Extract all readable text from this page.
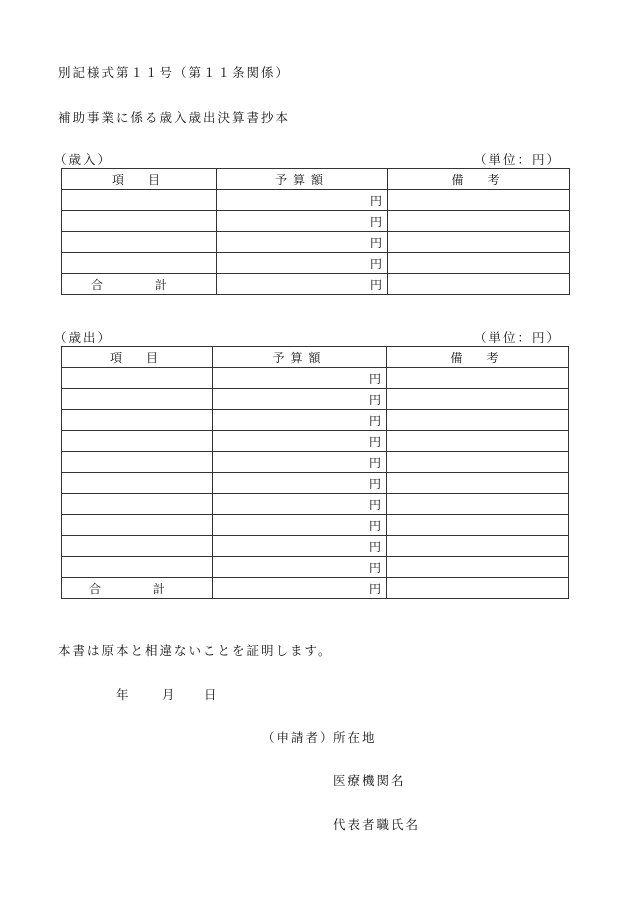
別記様式第１１号（第１１条関係）
補助事業に係る歳入歳出決算書抄本
（歳入）	（単位：円）
項　目	予算額	備　考
	円	
	円	
	円	
	円	
合　計	円	
（歳出）	（単位：円）
項　目	予算額	備　考
	円	
	円	
	円	
	円	
	円	
	円	
	円	
	円	
	円	
	円	
合　計	円	
本書は原本と相違ないことを証明します。
年	月 日
（申請者）
所在地
医療機関名
代表者職氏名
